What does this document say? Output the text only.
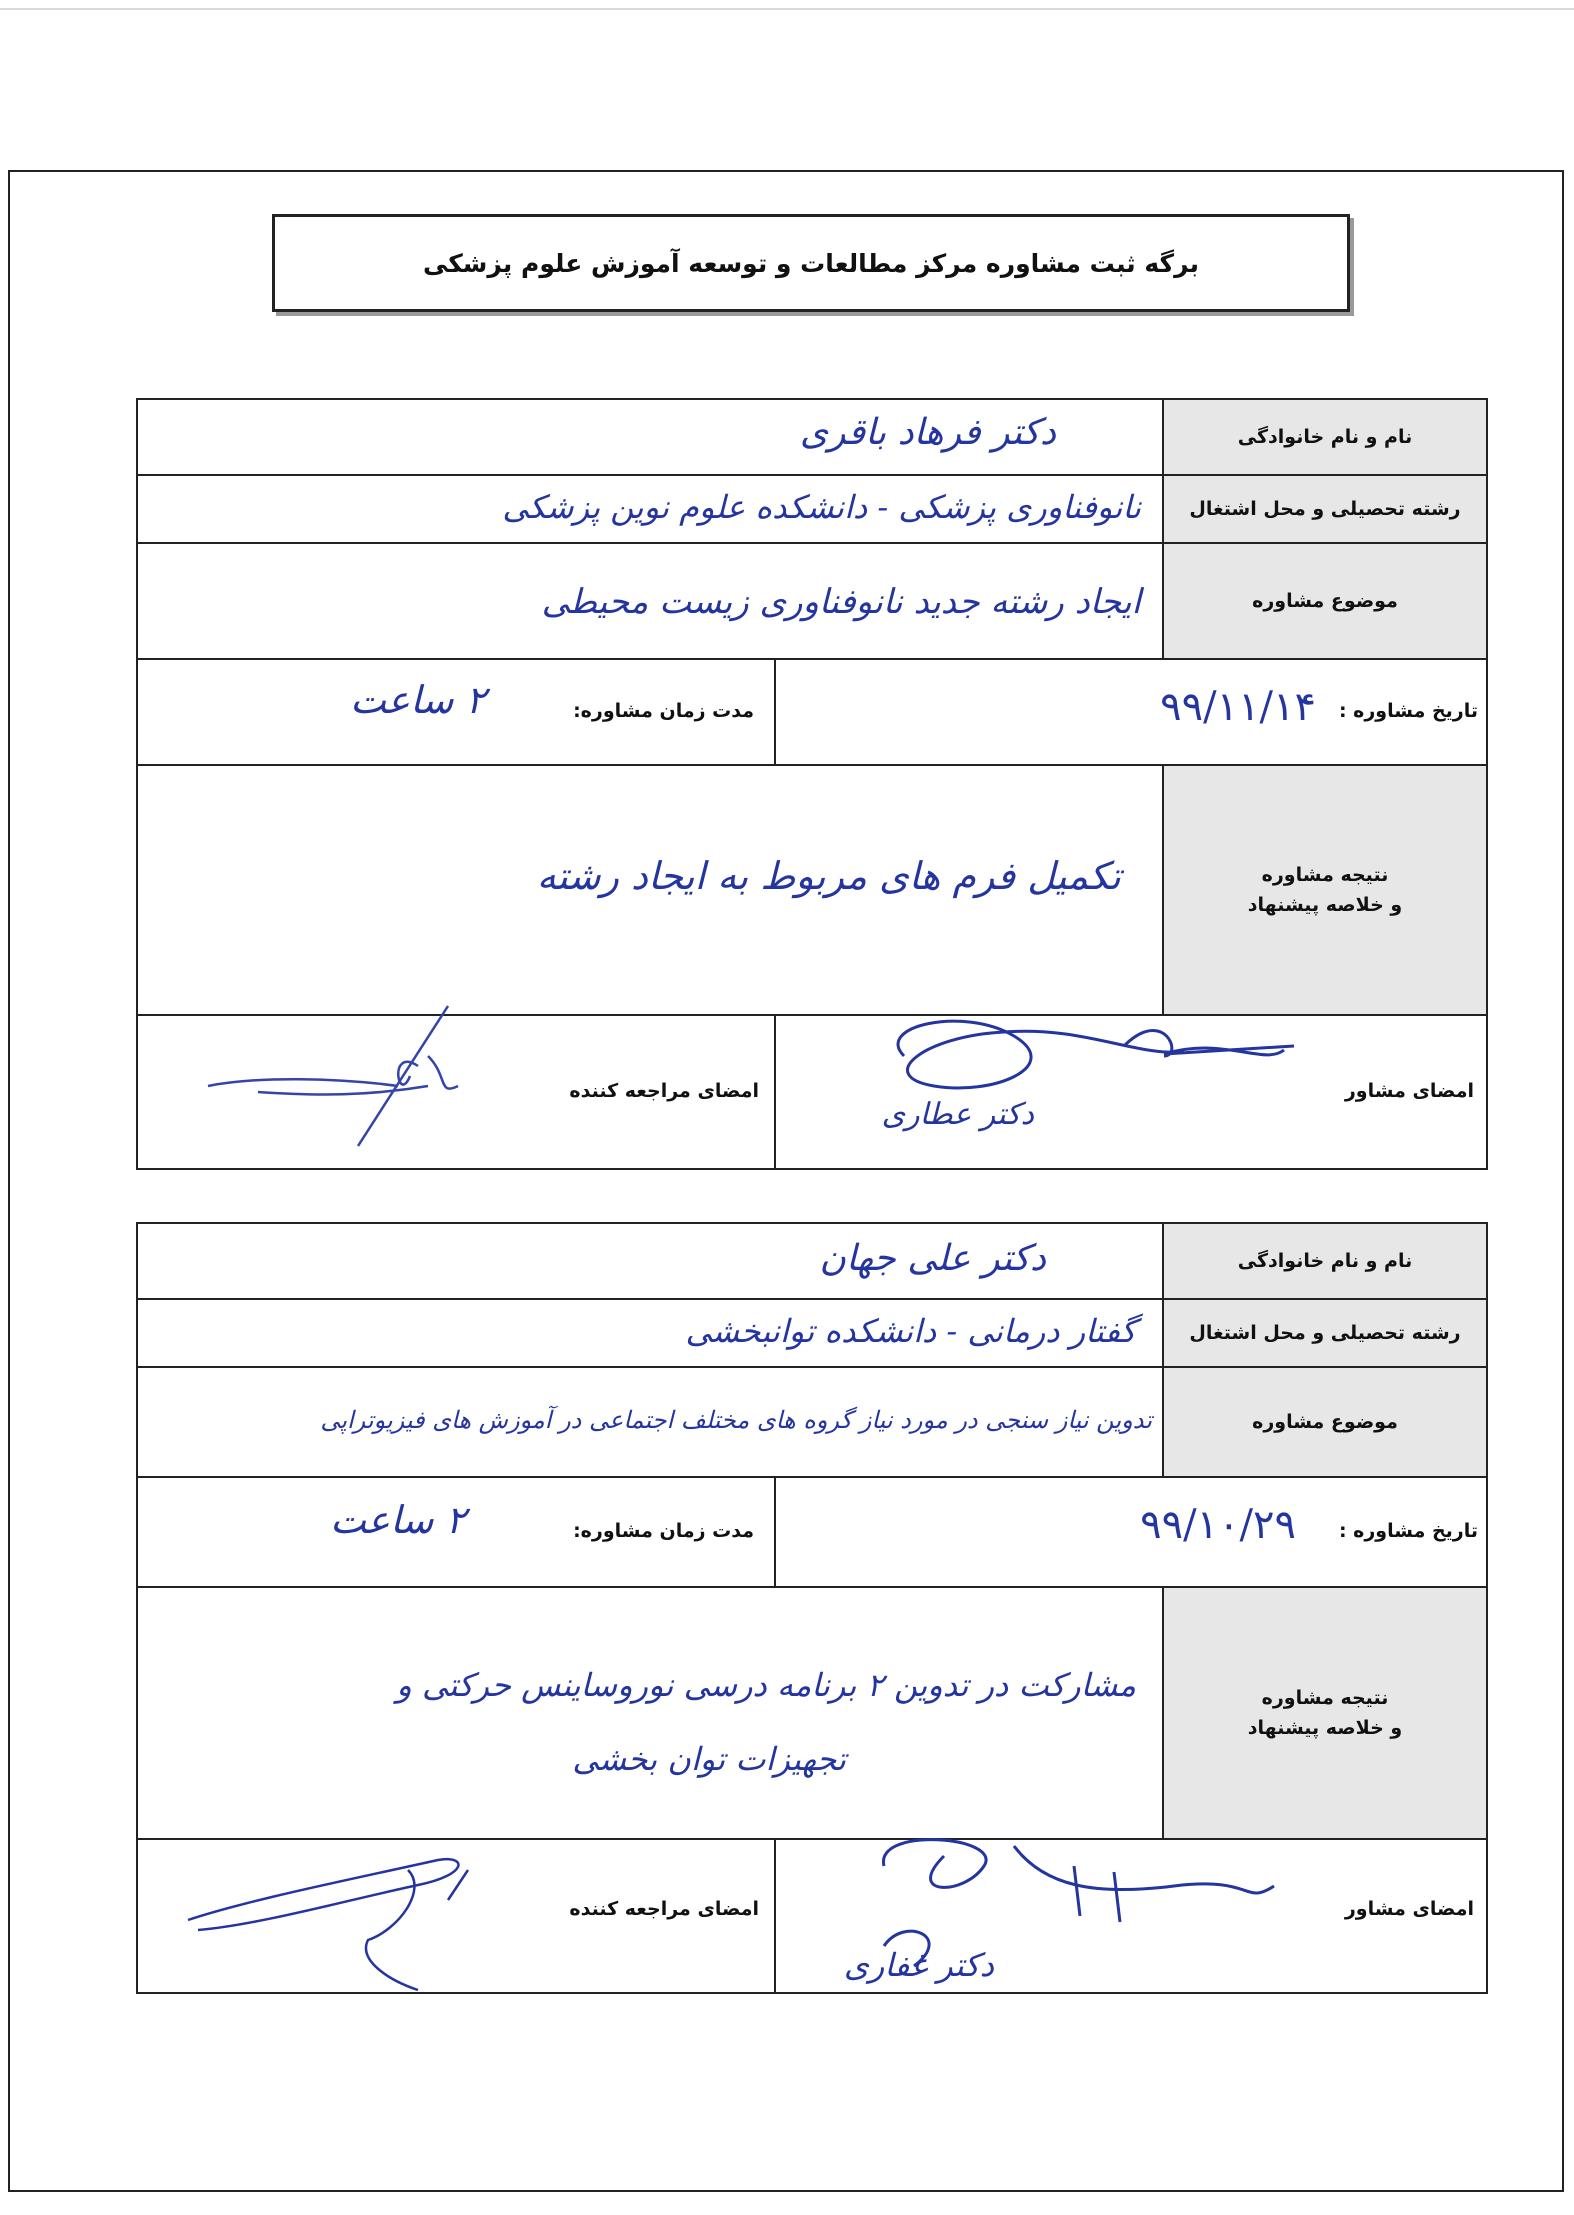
برگه ثبت مشاوره مرکز مطالعات و توسعه آموزش علوم پزشکی
نام و نام خانوادگی
دکتر فرهاد باقری
رشته تحصیلی و محل اشتغال
نانوفناوری پزشکی - دانشکده علوم نوین پزشکی
موضوع مشاوره
ایجاد رشته جدید نانوفناوری زیست محیطی
تاریخ مشاوره :
۹۹/۱۱/۱۴
مدت زمان مشاوره:
۲ ساعت
نتیجه مشاوره
و خلاصه پیشنهاد
تکمیل فرم های مربوط به ایجاد رشته
امضای مشاور
دکتر عطاری
امضای مراجعه کننده
نام و نام خانوادگی
دکتر علی جهان
رشته تحصیلی و محل اشتغال
گفتار درمانی - دانشکده توانبخشی
موضوع مشاوره
تدوین نیاز سنجی در مورد نیاز گروه های مختلف اجتماعی در آموزش های فیزیوتراپی
تاریخ مشاوره :
۹۹/۱۰/۲۹
مدت زمان مشاوره:
۲ ساعت
نتیجه مشاوره
و خلاصه پیشنهاد
مشارکت در تدوین ۲ برنامه درسی نوروساینس حرکتی و
تجهیزات توان بخشی
امضای مشاور
دکتر غفاری
امضای مراجعه کننده
